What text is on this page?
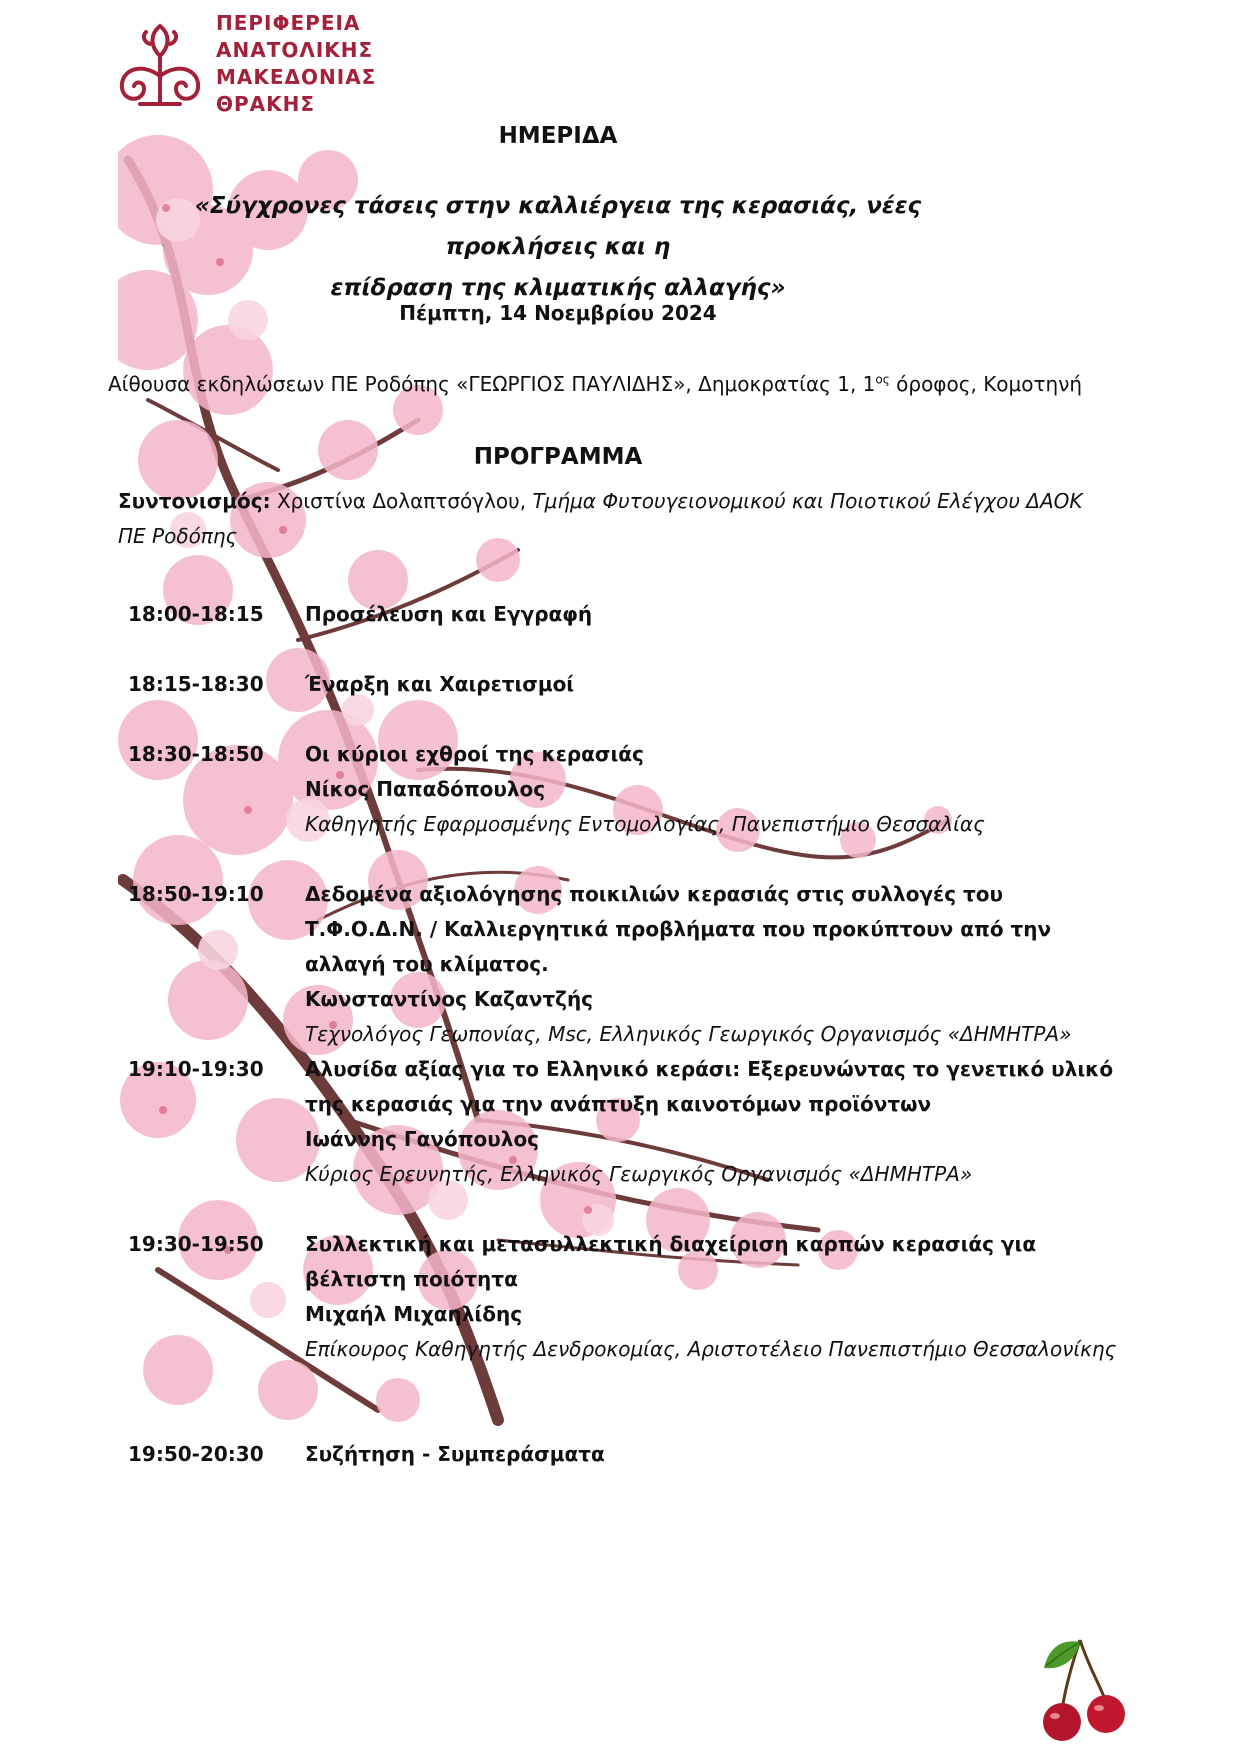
ΠΕΡΙΦΕΡΕΙΑ
ΑΝΑΤΟΛΙΚΗΣ
ΜΑΚΕΔΟΝΙΑΣ
ΘΡΑΚΗΣ
ΗΜΕΡΙΔΑ
«Σύγχρονες τάσεις στην καλλιέργεια της κερασιάς, νέες προκλήσεις και η
επίδραση της κλιματικής αλλαγής»
Πέμπτη, 14 Νοεμβρίου 2024
Αίθουσα εκδηλώσεων ΠΕ Ροδόπης «ΓΕΩΡΓΙΟΣ ΠΑΥΛΙΔΗΣ», Δημοκρατίας 1, $1^{o\varsigma}$ όροφος, Κομοτηνή
ΠΡΟΓΡΑΜΜΑ
Συντονισμός: Χριστίνα Δολαπτσόγλου, Τμήμα Φυτουγειονομικού και Ποιοτικού Ελέγχου ΔΑΟΚ ΠΕ Ροδόπης
18:00-18:15 Προσέλευση και Εγγραφή
18:15-18:30 Έναρξη και Χαιρετισμοί
18:30-18:50 Οι κύριοι εχθροί της κερασιάς
Νίκος Παπαδόπουλος
Καθηγητής Εφαρμοσμένης Εντομολογίας, Πανεπιστήμιο Θεσσαλίας
18:50-19:10 Δεδομένα αξιολόγησης ποικιλιών κερασιάς στις συλλογές του Τ.Φ.Ο.Δ.Ν. / Καλλιεργητικά προβλήματα που προκύπτουν από την αλλαγή του κλίματος.
Κωνσταντίνος Καζαντζής
Τεχνολόγος Γεωπονίας, Msc, Ελληνικός Γεωργικός Οργανισμός «ΔΗΜΗΤΡΑ»
19:10-19:30 Αλυσίδα αξίας για το Ελληνικό κεράσι: Εξερευνώντας το γενετικό υλικό της κερασιάς για την ανάπτυξη καινοτόμων προϊόντων
Ιωάννης Γανόπουλος
Κύριος Ερευνητής, Ελληνικός Γεωργικός Οργανισμός «ΔΗΜΗΤΡΑ»
19:30-19:50 Συλλεκτική και μετασυλλεκτική διαχείριση καρπών κερασιάς για βέλτιστη ποιότητα
Μιχαήλ Μιχαηλίδης
Επίκουρος Καθηγητής Δενδροκομίας, Αριστοτέλειο Πανεπιστήμιο Θεσσαλονίκης
19:50-20:30 Συζήτηση - Συμπεράσματα
